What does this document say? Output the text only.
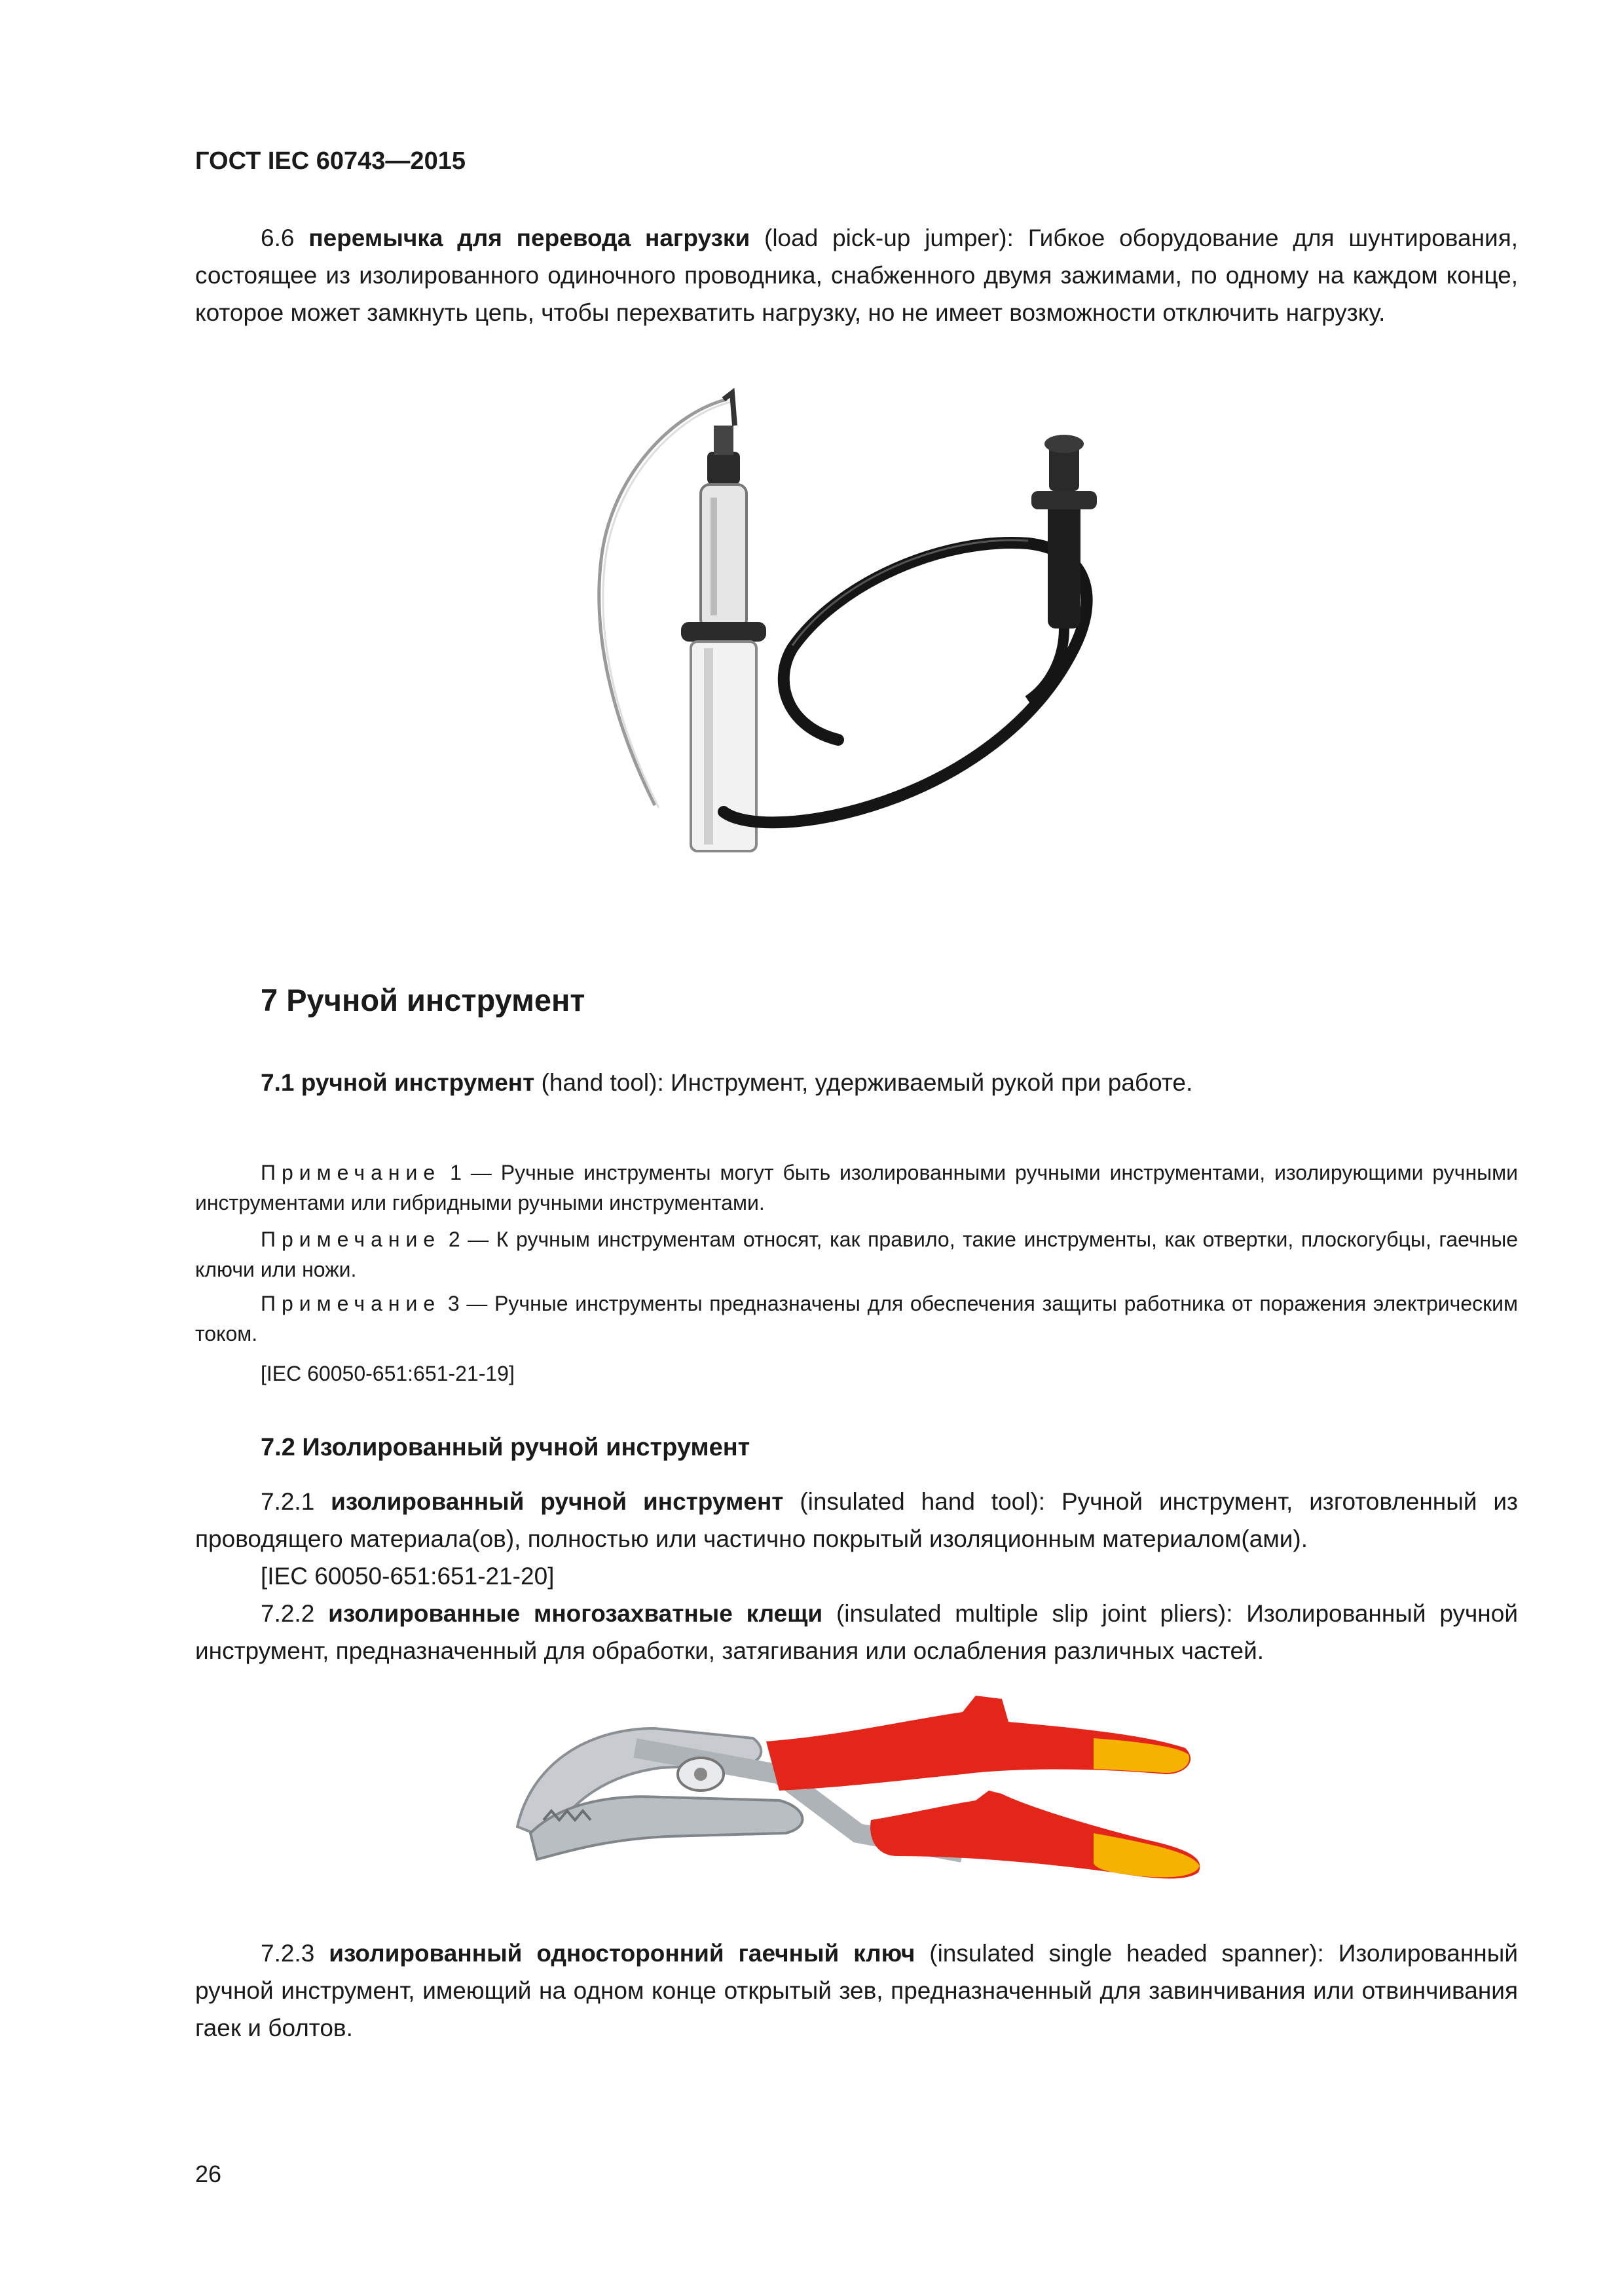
ГОСТ IEC 60743—2015

6.6 перемычка для перевода нагрузки (load pick-up jumper): Гибкое оборудование для шунтирования, состоящее из изолированного одиночного проводника, снабженного двумя зажимами, по одному на каждом конце, которое может замкнуть цепь, чтобы перехватить нагрузку, но не имеет возможности отключить нагрузку.

7 Ручной инструмент

7.1 ручной инструмент (hand tool): Инструмент, удерживаемый рукой при работе.

Примечание 1 — Ручные инструменты могут быть изолированными ручными инструментами, изолирующими ручными инструментами или гибридными ручными инструментами.

Примечание 2 — К ручным инструментам относят, как правило, такие инструменты, как отвертки, плоскогубцы, гаечные ключи или ножи.

Примечание 3 — Ручные инструменты предназначены для обеспечения защиты работника от поражения электрическим током.

[IEC 60050-651:651-21-19]

7.2 Изолированный ручной инструмент

7.2.1 изолированный ручной инструмент (insulated hand tool): Ручной инструмент, изготовленный из проводящего материала(ов), полностью или частично покрытый изоляционным материалом(ами).

[IEC 60050-651:651-21-20]

7.2.2 изолированные многозахватные клещи (insulated multiple slip joint pliers): Изолированный ручной инструмент, предназначенный для обработки, затягивания или ослабления различных частей.

7.2.3 изолированный односторонний гаечный ключ (insulated single headed spanner): Изолированный ручной инструмент, имеющий на одном конце открытый зев, предназначенный для завинчивания или отвинчивания гаек и болтов.

26
